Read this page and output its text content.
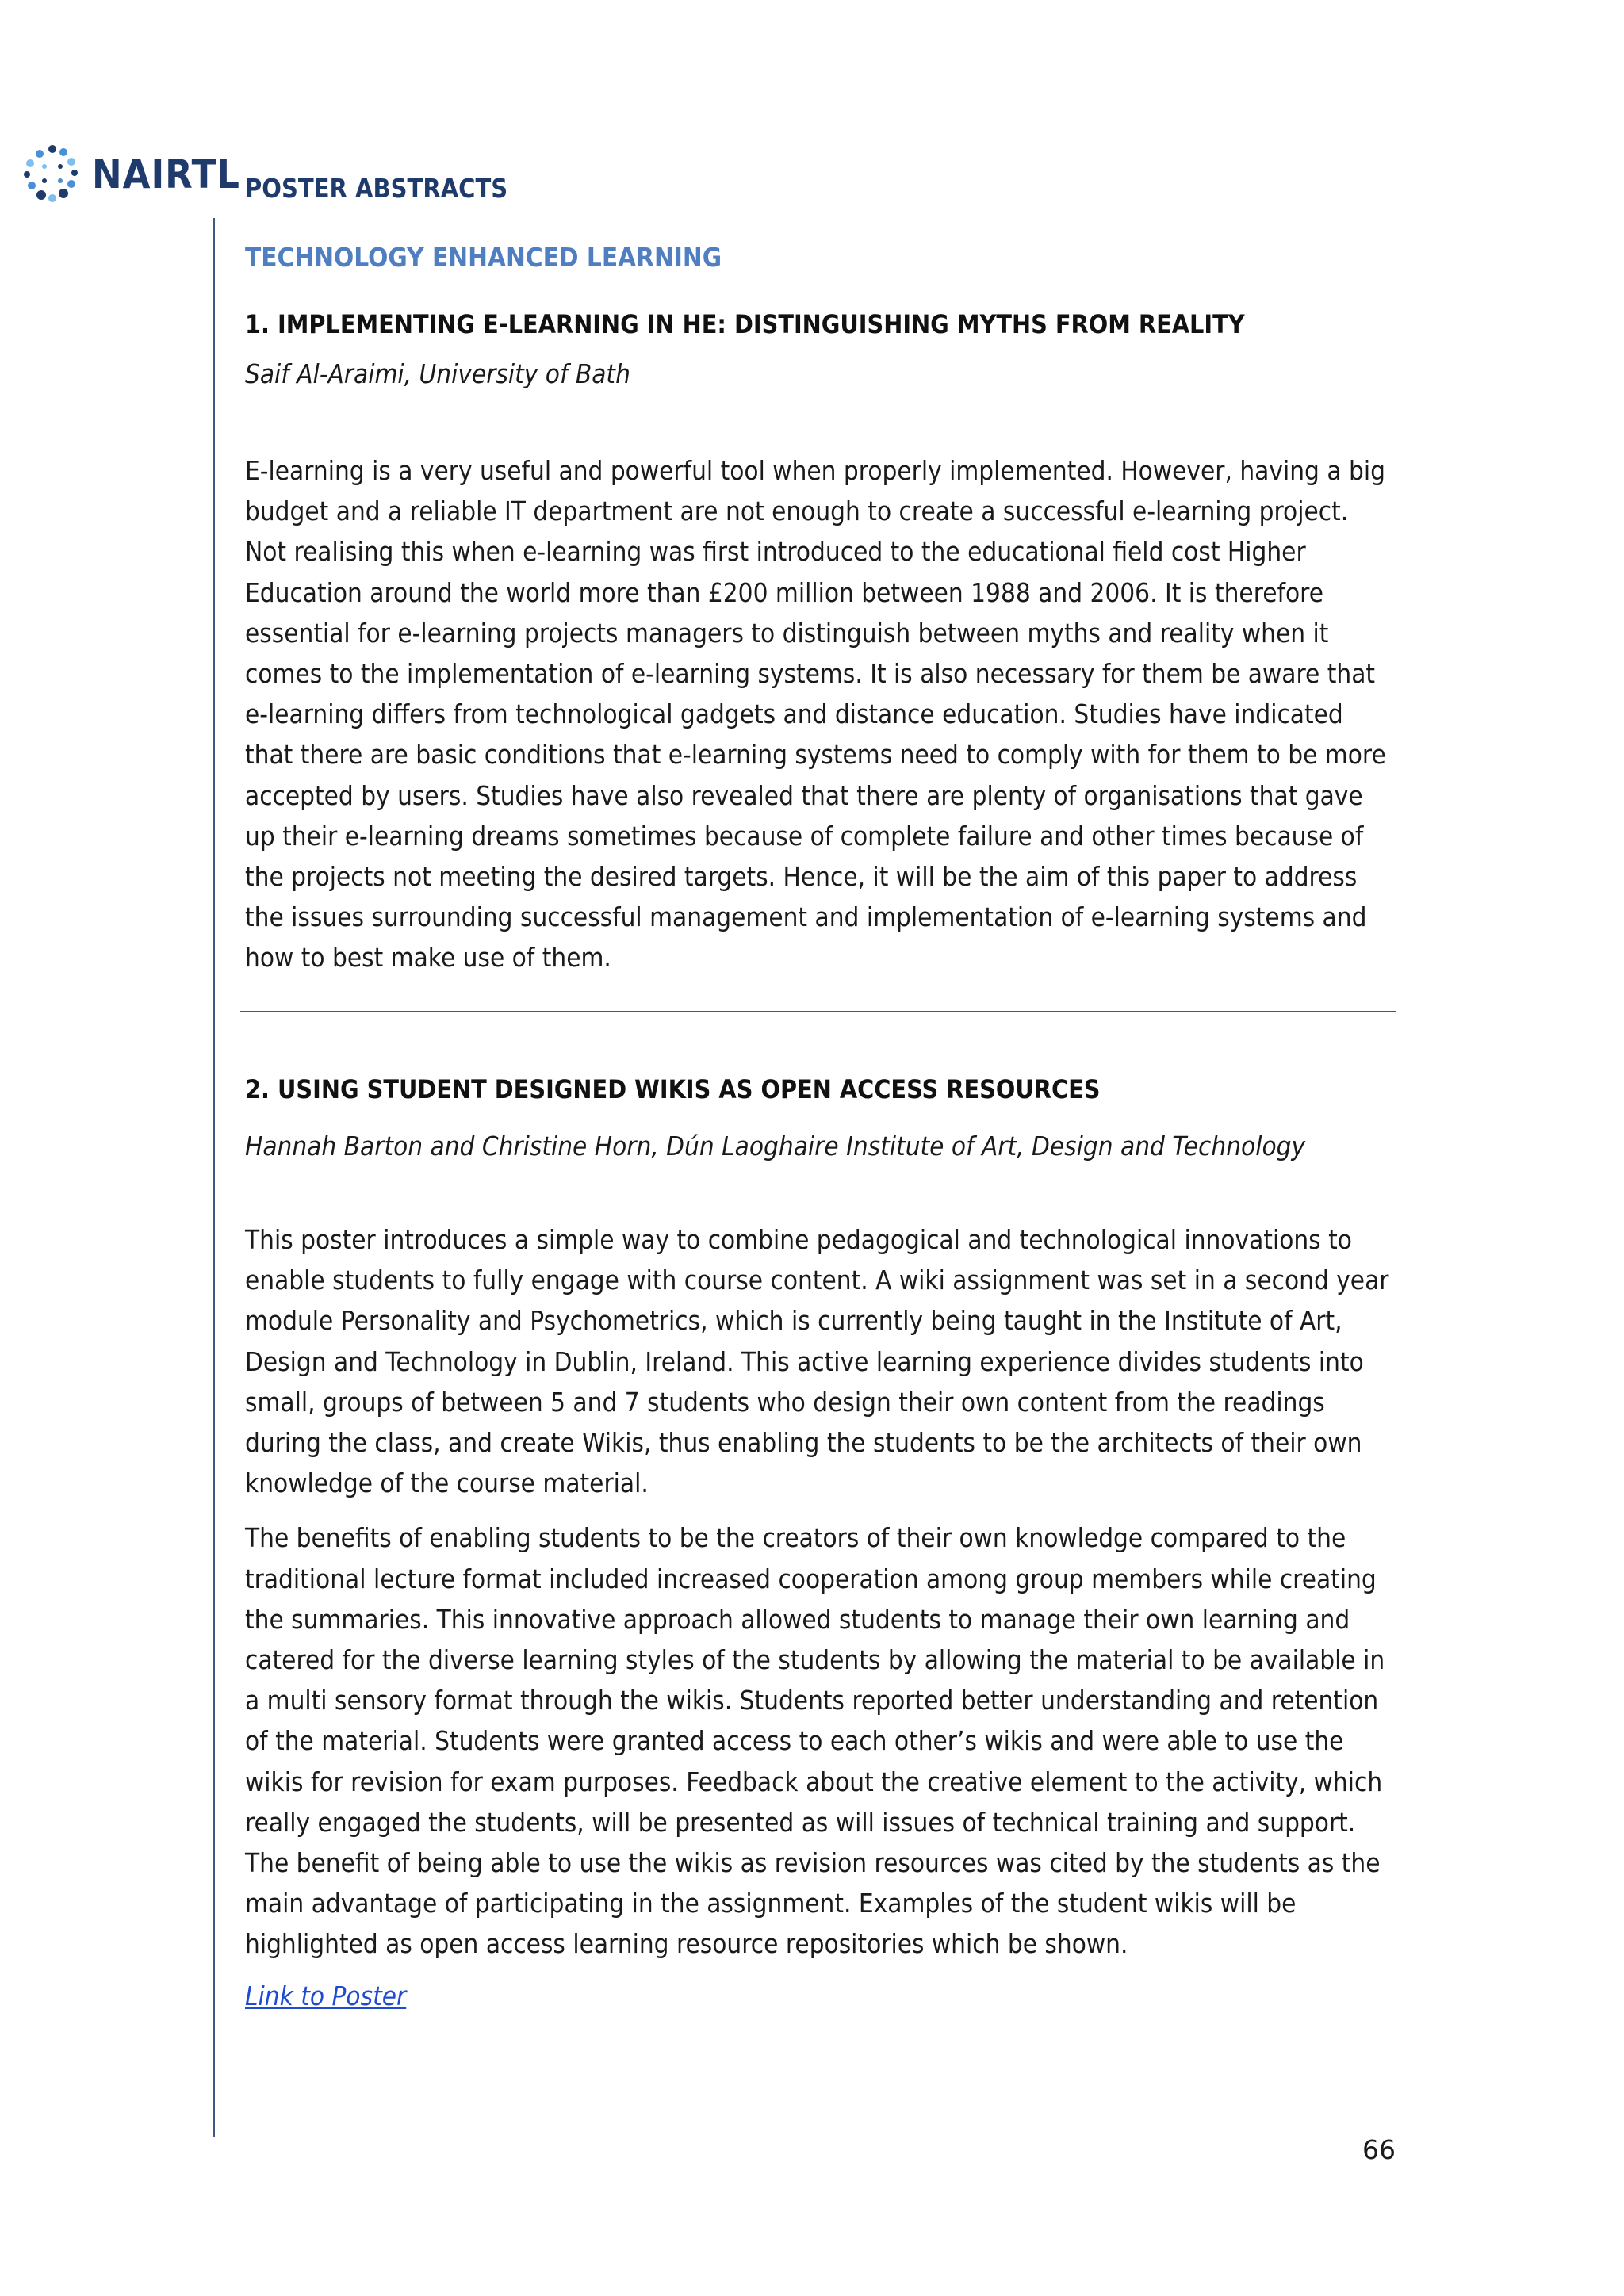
NAIRTL POSTER ABSTRACTS
TECHNOLOGY ENHANCED LEARNING

1. IMPLEMENTING E-LEARNING IN HE: DISTINGUISHING MYTHS FROM REALITY

Saif Al-Araimi, University of Bath

E-learning is a very useful and powerful tool when properly implemented. However, having a big budget and a reliable IT department are not enough to create a successful e-learning project. Not realising this when e-learning was first introduced to the educational field cost Higher Education around the world more than £200 million between 1988 and 2006. It is therefore essential for e-learning projects managers to distinguish between myths and reality when it comes to the implementation of e-learning systems. It is also necessary for them be aware that e-learning differs from technological gadgets and distance education. Studies have indicated that there are basic conditions that e-learning systems need to comply with for them to be more accepted by users. Studies have also revealed that there are plenty of organisations that gave up their e-learning dreams sometimes because of complete failure and other times because of the projects not meeting the desired targets. Hence, it will be the aim of this paper to address the issues surrounding successful management and implementation of e-learning systems and how to best make use of them.

2. USING STUDENT DESIGNED WIKIS AS OPEN ACCESS RESOURCES

Hannah Barton and Christine Horn, Dún Laoghaire Institute of Art, Design and Technology

This poster introduces a simple way to combine pedagogical and technological innovations to enable students to fully engage with course content. A wiki assignment was set in a second year module Personality and Psychometrics, which is currently being taught in the Institute of Art, Design and Technology in Dublin, Ireland. This active learning experience divides students into small, groups of between 5 and 7 students who design their own content from the readings during the class, and create Wikis, thus enabling the students to be the architects of their own knowledge of the course material.

The benefits of enabling students to be the creators of their own knowledge compared to the traditional lecture format included increased cooperation among group members while creating the summaries. This innovative approach allowed students to manage their own learning and catered for the diverse learning styles of the students by allowing the material to be available in a multi sensory format through the wikis. Students reported better understanding and retention of the material. Students were granted access to each other’s wikis and were able to use the wikis for revision for exam purposes. Feedback about the creative element to the activity, which really engaged the students, will be presented as will issues of technical training and support. The benefit of being able to use the wikis as revision resources was cited by the students as the main advantage of participating in the assignment. Examples of the student wikis will be highlighted as open access learning resource repositories which be shown.

Link to Poster
66
